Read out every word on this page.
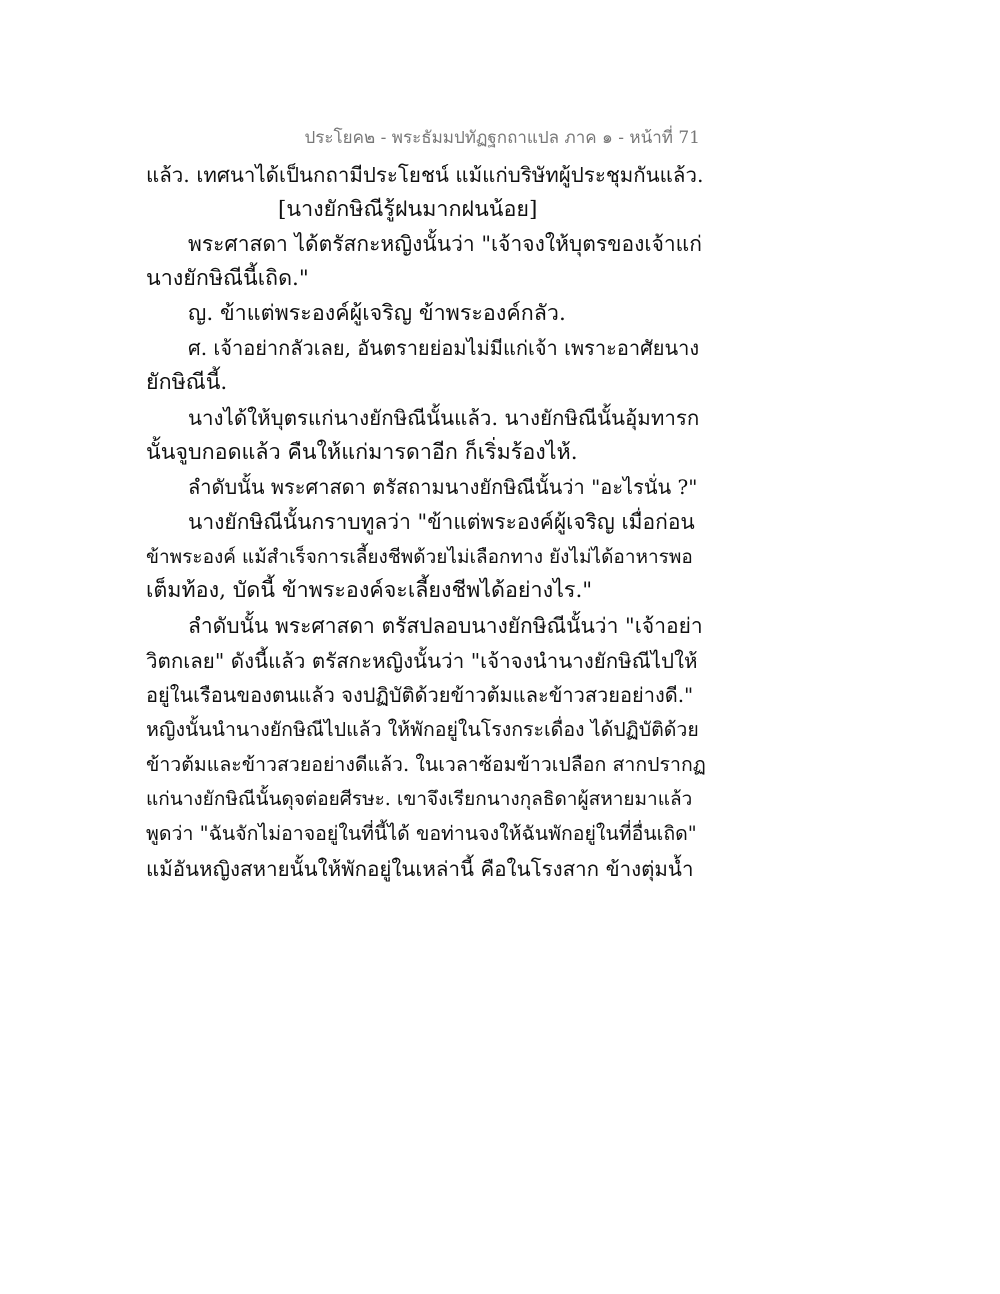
ประโยค๒ - พระธัมมปทัฏฐกถาแปล ภาค ๑ - หน้าที่ 71
แล้ว. เทศนาได้เป็นกถามีประโยชน์ แม้แก่บริษัทผู้ประชุมกันแล้ว.
[นางยักษิณีรู้ฝนมากฝนน้อย]
พระศาสดา ได้ตรัสกะหญิงนั้นว่า "เจ้าจงให้บุตรของเจ้าแก่
นางยักษิณีนี้เถิด."
ญ. ข้าแต่พระองค์ผู้เจริญ ข้าพระองค์กลัว.
ศ. เจ้าอย่ากลัวเลย, อันตรายย่อมไม่มีแก่เจ้า เพราะอาศัยนาง
ยักษิณีนี้.
นางได้ให้บุตรแก่นางยักษิณีนั้นแล้ว. นางยักษิณีนั้นอุ้มทารก
นั้นจูบกอดแล้ว คืนให้แก่มารดาอีก ก็เริ่มร้องไห้.
ลำดับนั้น พระศาสดา ตรัสถามนางยักษิณีนั้นว่า "อะไรนั่น ?"
นางยักษิณีนั้นกราบทูลว่า "ข้าแต่พระองค์ผู้เจริญ เมื่อก่อน
ข้าพระองค์ แม้สำเร็จการเลี้ยงชีพด้วยไม่เลือกทาง ยังไม่ได้อาหารพอ
เต็มท้อง, บัดนี้ ข้าพระองค์จะเลี้ยงชีพได้อย่างไร."
ลำดับนั้น พระศาสดา ตรัสปลอบนางยักษิณีนั้นว่า "เจ้าอย่า
วิตกเลย" ดังนี้แล้ว ตรัสกะหญิงนั้นว่า "เจ้าจงนำนางยักษิณีไปให้
อยู่ในเรือนของตนแล้ว จงปฏิบัติด้วยข้าวต้มและข้าวสวยอย่างดี."
หญิงนั้นนำนางยักษิณีไปแล้ว ให้พักอยู่ในโรงกระเดื่อง ได้ปฏิบัติด้วย
ข้าวต้มและข้าวสวยอย่างดีแล้ว. ในเวลาซ้อมข้าวเปลือก สากปรากฏ
แก่นางยักษิณีนั้นดุจต่อยศีรษะ. เขาจึงเรียกนางกุลธิดาผู้สหายมาแล้ว
พูดว่า "ฉันจักไม่อาจอยู่ในที่นี้ได้ ขอท่านจงให้ฉันพักอยู่ในที่อื่นเถิด"
แม้อันหญิงสหายนั้นให้พักอยู่ในเหล่านี้ คือในโรงสาก ข้างตุ่มน้ำ
